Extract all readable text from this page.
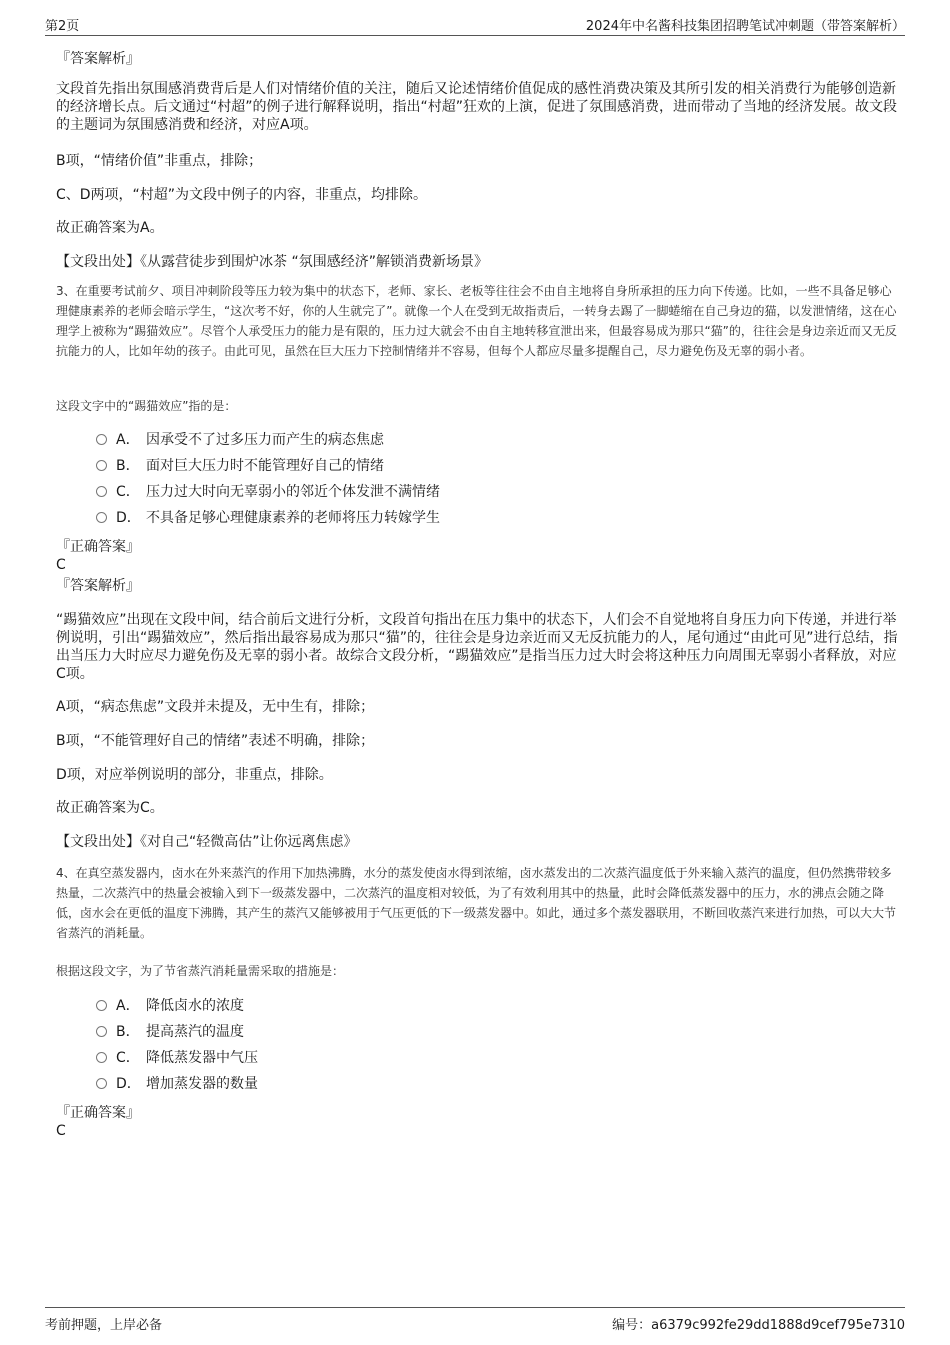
第2页	2024年中名酱科技集团招聘笔试冲刺题（带答案解析）
『答案解析』
文段首先指出氛围感消费背后是人们对情绪价值的关注，随后又论述情绪价值促成的感性消费决策及其所引发的相关消费行为能够创造新的经济增长点。后文通过“村超”的例子进行解释说明，指出“村超”狂欢的上演，促进了氛围感消费，进而带动了当地的经济发展。故文段的主题词为氛围感消费和经济，对应A项。
B项，“情绪价值”非重点，排除；
C、D两项，“村超”为文段中例子的内容，非重点，均排除。
故正确答案为A。
【文段出处】《从露营徒步到围炉冰茶 “氛围感经济”解锁消费新场景》
3、在重要考试前夕、项目冲刺阶段等压力较为集中的状态下，老师、家长、老板等往往会不由自主地将自身所承担的压力向下传递。比如，一些不具备足够心理健康素养的老师会暗示学生，“这次考不好，你的人生就完了”。就像一个人在受到无故指责后，一转身去踢了一脚蜷缩在自己身边的猫，以发泄情绪，这在心理学上被称为“踢猫效应”。尽管个人承受压力的能力是有限的，压力过大就会不由自主地转移宣泄出来，但最容易成为那只“猫”的，往往会是身边亲近而又无反抗能力的人，比如年幼的孩子。由此可见，虽然在巨大压力下控制情绪并不容易，但每个人都应尽量多提醒自己，尽力避免伤及无辜的弱小者。
这段文字中的“踢猫效应”指的是：
A． 因承受不了过多压力而产生的病态焦虑
B． 面对巨大压力时不能管理好自己的情绪
C． 压力过大时向无辜弱小的邻近个体发泄不满情绪
D． 不具备足够心理健康素养的老师将压力转嫁学生
『正确答案』
C
『答案解析』
“踢猫效应”出现在文段中间，结合前后文进行分析，文段首句指出在压力集中的状态下，人们会不自觉地将自身压力向下传递，并进行举例说明，引出“踢猫效应”，然后指出最容易成为那只“猫”的，往往会是身边亲近而又无反抗能力的人，尾句通过“由此可见”进行总结，指出当压力大时应尽力避免伤及无辜的弱小者。故综合文段分析，“踢猫效应”是指当压力过大时会将这种压力向周围无辜弱小者释放，对应C项。
A项，“病态焦虑”文段并未提及，无中生有，排除；
B项，“不能管理好自己的情绪”表述不明确，排除；
D项，对应举例说明的部分，非重点，排除。
故正确答案为C。
【文段出处】《对自己“轻微高估”让你远离焦虑》
4、在真空蒸发器内，卤水在外来蒸汽的作用下加热沸腾，水分的蒸发使卤水得到浓缩，卤水蒸发出的二次蒸汽温度低于外来输入蒸汽的温度，但仍然携带较多热量，二次蒸汽中的热量会被输入到下一级蒸发器中，二次蒸汽的温度相对较低，为了有效利用其中的热量，此时会降低蒸发器中的压力，水的沸点会随之降低，卤水会在更低的温度下沸腾，其产生的蒸汽又能够被用于气压更低的下一级蒸发器中。如此，通过多个蒸发器联用，不断回收蒸汽来进行加热，可以大大节省蒸汽的消耗量。
根据这段文字，为了节省蒸汽消耗量需采取的措施是：
A． 降低卤水的浓度
B． 提高蒸汽的温度
C． 降低蒸发器中气压
D． 增加蒸发器的数量
『正确答案』
C
考前押题，上岸必备	编号：a6379c992fe29dd1888d9cef795e7310
